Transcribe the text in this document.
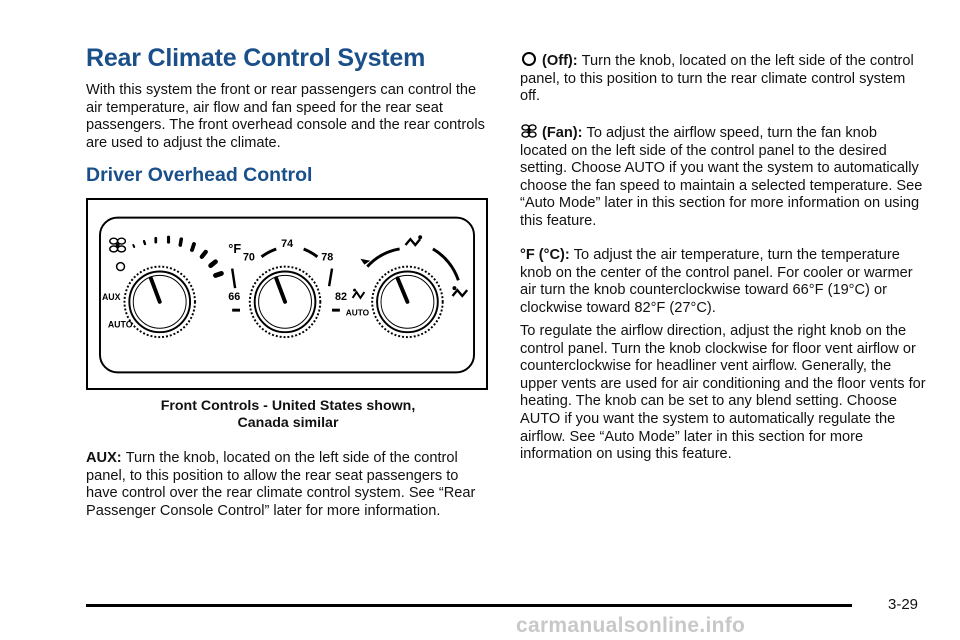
Rear Climate Control System

With this system the front or rear passengers can control the air temperature, air flow and fan speed for the rear seat passengers. The front overhead console and the rear controls are used to adjust the climate.

Driver Overhead Control
AUX
AUTO
°F
70
74
78
66	82
AUTO
Front Controls - United States shown,
Canada similar

AUX: Turn the knob, located on the left side of the control panel, to this position to allow the rear seat passengers to have control over the rear climate control system. See “Rear Passenger Console Control” later for more information.

(Off): Turn the knob, located on the left side of the control panel, to this position to turn the rear climate control system off.

(Fan): To adjust the airflow speed, turn the fan knob located on the left side of the control panel to the desired setting. Choose AUTO if you want the system to automatically choose the fan speed to maintain a selected temperature. See “Auto Mode” later in this section for more information on using this feature.

°F (°C): To adjust the air temperature, turn the temperature knob on the center of the control panel. For cooler or warmer air turn the knob counterclockwise toward 66°F (19°C) or clockwise toward 82°F (27°C).

To regulate the airflow direction, adjust the right knob on the control panel. Turn the knob clockwise for floor vent airflow or counterclockwise for headliner vent airflow. Generally, the upper vents are used for air conditioning and the floor vents for heating. The knob can be set to any blend setting. Choose AUTO if you want the system to automatically regulate the airflow. See “Auto Mode” later in this section for more information on using this feature.

3-29
carmanualsonline.info
